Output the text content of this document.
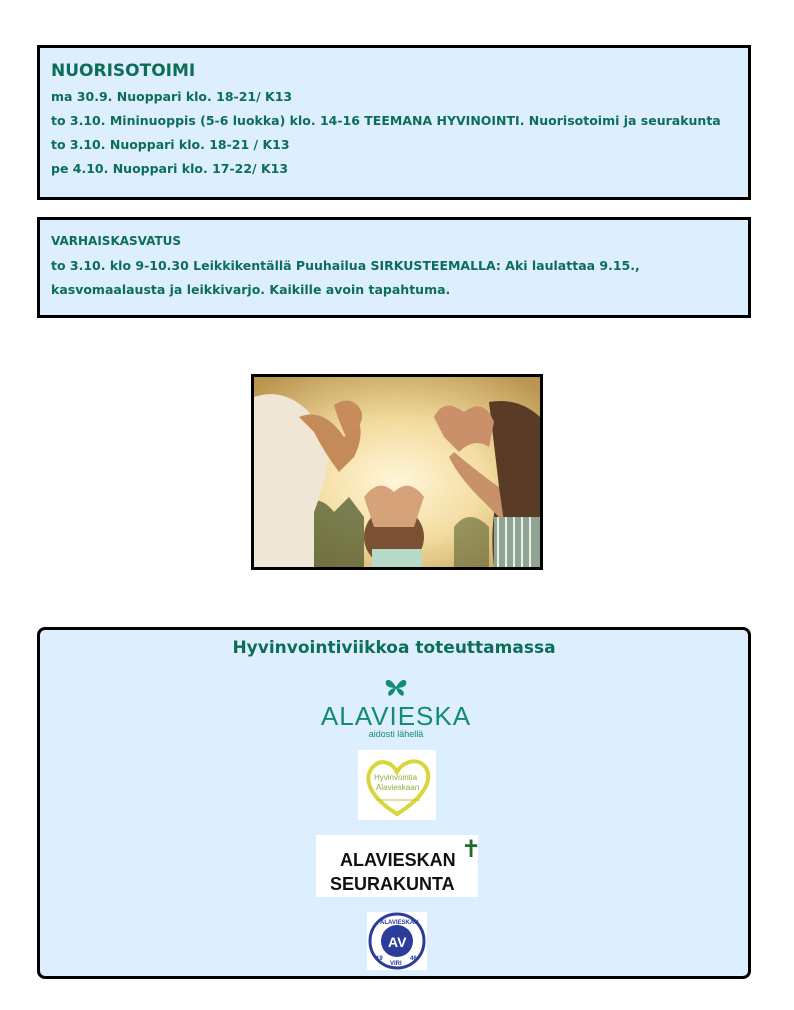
NUORISOTOIMI
ma 30.9. Nuoppari klo. 18-21/ K13
to 3.10. Mininuoppis (5-6 luokka) klo. 14-16 TEEMANA HYVINOINTI. Nuorisotoimi ja seurakunta
to 3.10. Nuoppari klo. 18-21 / K13
pe 4.10. Nuoppari klo. 17-22/ K13
VARHAISKASVATUS
to 3.10. klo 9-10.30 Leikkikentällä Puuhailua SIRKUSTEEMALLA: Aki laulattaa 9.15.,
kasvomaalausta ja leikkivarjo. Kaikille avoin tapahtuma.
Hyvinvointiviikkoa toteuttamassa
ALAVIESKA
aidosti lähellä
Hyvinvointia
Alavieskaan
ALAVIESKAN
SEURAKUNTA
✝
AV
ALAVIESKAN
19
VIRI
46
